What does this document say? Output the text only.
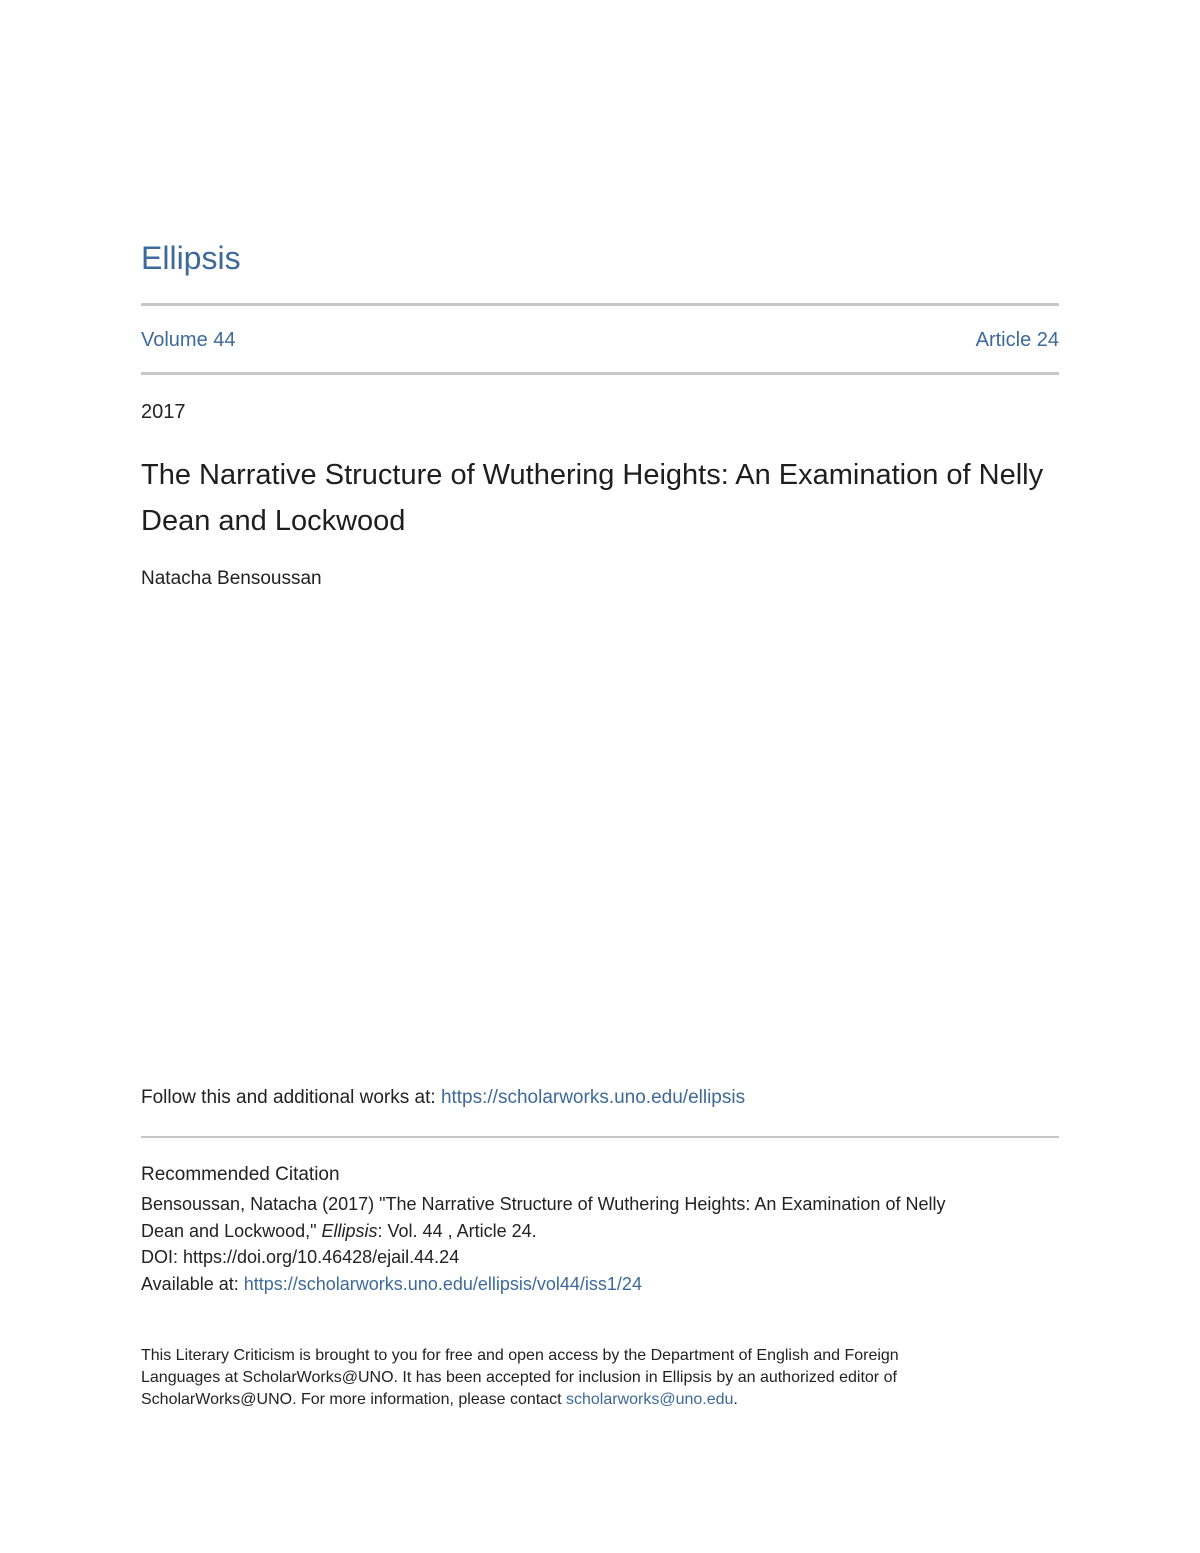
Ellipsis
Volume 44	Article 24
2017
The Narrative Structure of Wuthering Heights: An Examination of Nelly Dean and Lockwood
Natacha Bensoussan
Follow this and additional works at: https://scholarworks.uno.edu/ellipsis
Recommended Citation
Bensoussan, Natacha (2017) "The Narrative Structure of Wuthering Heights: An Examination of Nelly
Dean and Lockwood," Ellipsis: Vol. 44 , Article 24.
DOI: https://doi.org/10.46428/ejail.44.24
Available at: https://scholarworks.uno.edu/ellipsis/vol44/iss1/24
This Literary Criticism is brought to you for free and open access by the Department of English and Foreign
Languages at ScholarWorks@UNO. It has been accepted for inclusion in Ellipsis by an authorized editor of
ScholarWorks@UNO. For more information, please contact scholarworks@uno.edu.
